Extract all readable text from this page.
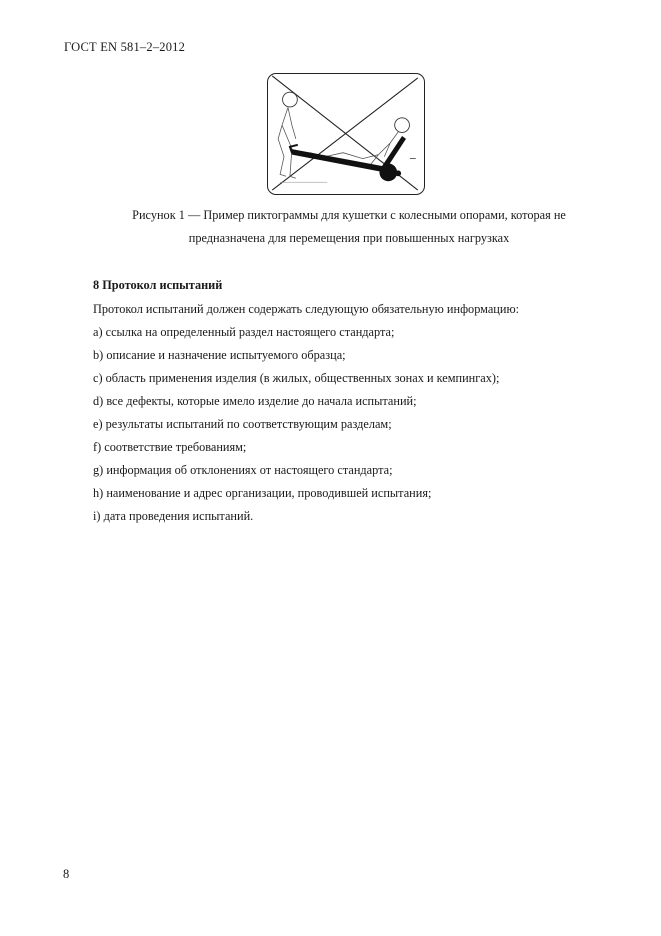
ГОСТ EN 581–2–2012
Рисунок 1 — Пример пиктограммы для кушетки с колесными опорами, которая не
предназначена для перемещения при повышенных нагрузках
8 Протокол испытаний
Протокол испытаний должен содержать следующую обязательную информацию:
a) ссылка на определенный раздел настоящего стандарта;
b) описание и назначение испытуемого образца;
c) область применения изделия (в жилых, общественных зонах и кемпингах);
d) все дефекты, которые имело изделие до начала испытаний;
e) результаты испытаний по соответствующим разделам;
f) соответствие требованиям;
g) информация об отклонениях от настоящего стандарта;
h) наименование и адрес организации, проводившей испытания;
i) дата проведения испытаний.
8
